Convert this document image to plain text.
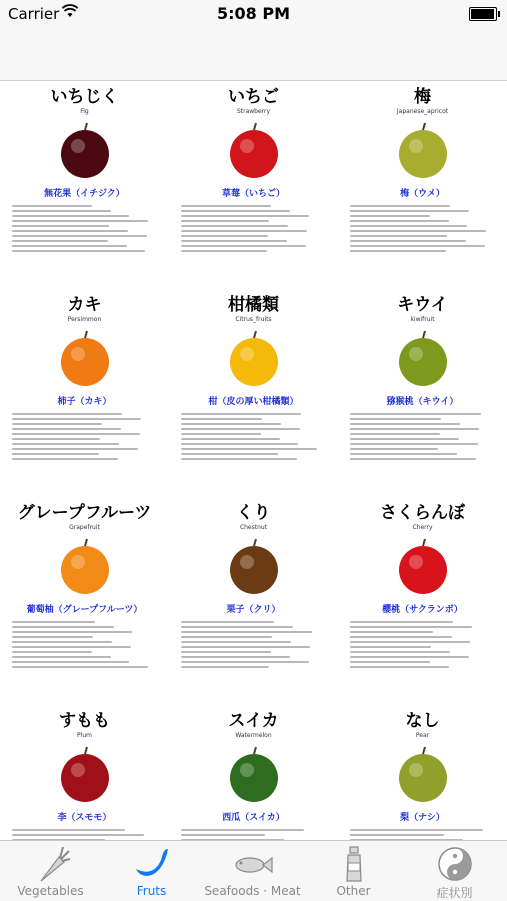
Carrier	5:08 PM
いちじく
Fig
無花果（イチジク）
いちご
Strawberry
草莓（いちご）
梅
Japanese_apricot
梅（ウメ）
カキ
Persimmon
柿子（カキ）
柑橘類
Citrus_fruits
柑（皮の厚い柑橘類）
キウイ
kiwifruit
猕猴桃（キウイ）
グレープフルーツ
Grapefruit
葡萄柚（グレープフルーツ）
くり
Chestnut
栗子（クリ）
さくらんぼ
Cherry
櫻桃（サクランボ）
すもも
Plum
李（スモモ）
スイカ
Watermelon
西瓜（スイカ）
なし
Pear
梨（ナシ）
Vegetables	Fruts	Seafoods · Meat	Other	症状別
